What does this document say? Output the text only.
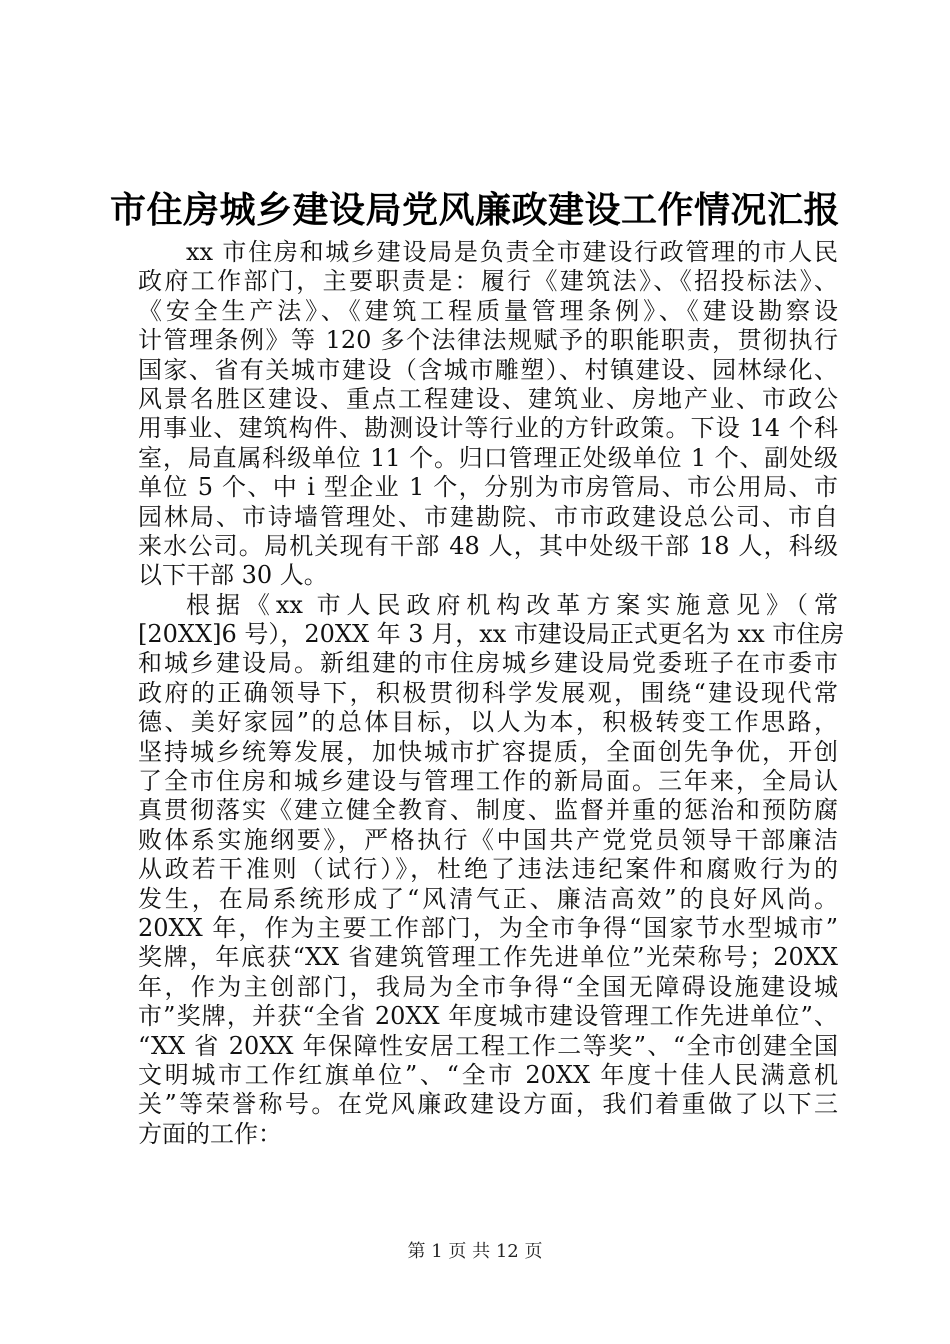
市住房城乡建设局党风廉政建设工作情况汇报
xx 市住房和城乡建设局是负责全市建设行政管理的市人民
政府工作部门，主要职责是：履行《建筑法》、《招投标法》、
《安全生产法》、《建筑工程质量管理条例》、《建设勘察设
计管理条例》等 120 多个法律法规赋予的职能职责，贯彻执行
国家、省有关城市建设（含城市雕塑）、村镇建设、园林绿化、
风景名胜区建设、重点工程建设、建筑业、房地产业、市政公
用事业、建筑构件、勘测设计等行业的方针政策。下设 14 个科
室，局直属科级单位 11 个。归口管理正处级单位 1 个、副处级
单位 5 个、中 i 型企业 1 个，分别为市房管局、市公用局、市
园林局、市诗墙管理处、市建勘院、市市政建设总公司、市自
来水公司。局机关现有干部 48 人，其中处级干部 18 人，科级
以下干部 30 人。
根据《xx 市人民政府机构改革方案实施意见》（常
[20XX]6 号），20XX 年 3 月，xx 市建设局正式更名为 xx 市住房
和城乡建设局。新组建的市住房城乡建设局党委班子在市委市
政府的正确领导下，积极贯彻科学发展观，围绕“建设现代常
德、美好家园”的总体目标，以人为本，积极转变工作思路，
坚持城乡统筹发展，加快城市扩容提质，全面创先争优，开创
了全市住房和城乡建设与管理工作的新局面。三年来，全局认
真贯彻落实《建立健全教育、制度、监督并重的惩治和预防腐
败体系实施纲要》，严格执行《中国共产党党员领导干部廉洁
从政若干准则（试行）》，杜绝了违法违纪案件和腐败行为的
发生，在局系统形成了“风清气正、廉洁高效”的良好风尚。
20XX 年，作为主要工作部门，为全市争得“国家节水型城市”
奖牌，年底获“XX 省建筑管理工作先进单位”光荣称号；20XX
年，作为主创部门，我局为全市争得“全国无障碍设施建设城
市”奖牌，并获“全省 20XX 年度城市建设管理工作先进单位”、
“XX 省 20XX 年保障性安居工程工作二等奖”、“全市创建全国
文明城市工作红旗单位”、“全市 20XX 年度十佳人民满意机
关”等荣誉称号。在党风廉政建设方面，我们着重做了以下三
方面的工作：
第 1 页 共 12 页
